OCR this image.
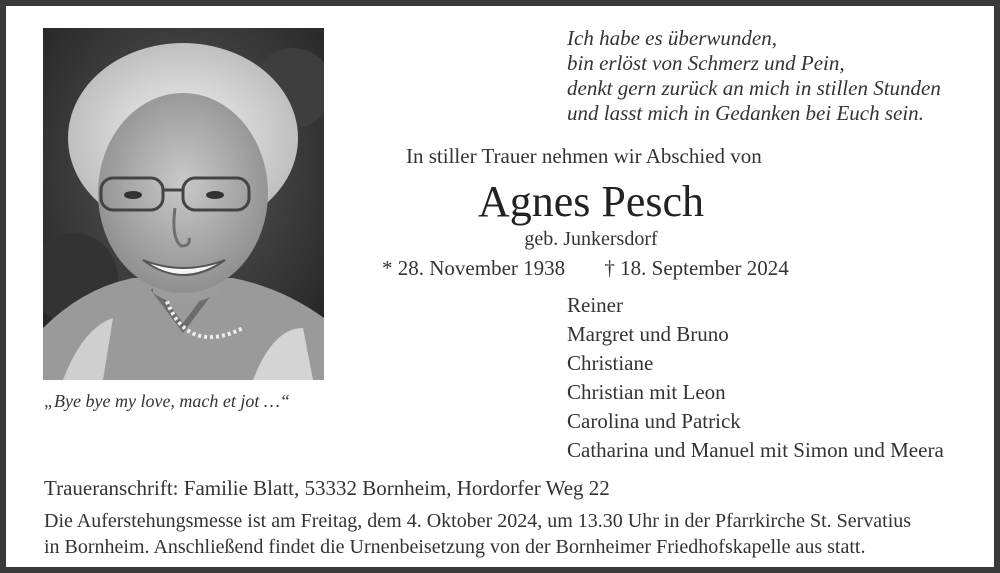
„Bye bye my love, mach et jot …“
Ich habe es überwunden,
bin erlöst von Schmerz und Pein,
denkt gern zurück an mich in stillen Stunden
und lasst mich in Gedanken bei Euch sein.
In stiller Trauer nehmen wir Abschied von
Agnes Pesch
geb. Junkersdorf
* 28. November 1938 † 18. September 2024
Reiner
Margret und Bruno
Christiane
Christian mit Leon
Carolina und Patrick
Catharina und Manuel mit Simon und Meera
Traueranschrift: Familie Blatt, 53332 Bornheim, Hordorfer Weg 22
Die Auferstehungsmesse ist am Freitag, dem 4. Oktober 2024, um 13.30 Uhr in der Pfarrkirche St. Servatius
in Bornheim. Anschließend findet die Urnenbeisetzung von der Bornheimer Friedhofskapelle aus statt.
